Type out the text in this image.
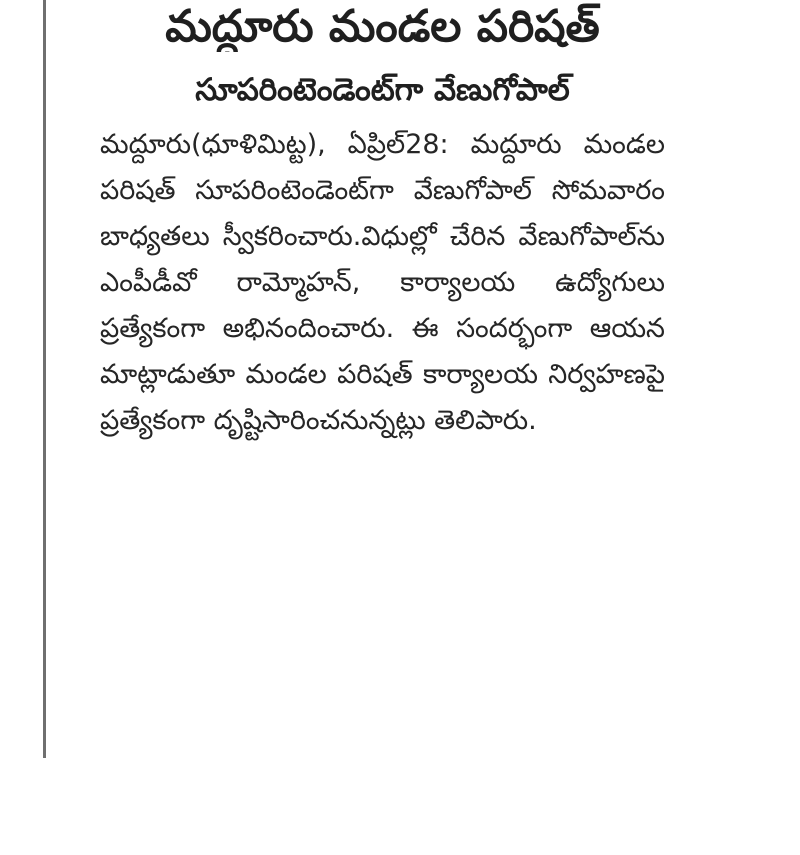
మద్దూరు మండల పరిషత్
సూపరింటెండెంట్‌గా వేణుగోపాల్

మద్దూరు(ధూళిమిట్ట), ఏప్రిల్28: మద్దూరు మండల పరిషత్ సూపరింటెండెంట్‌గా వేణుగోపాల్ సోమవారం బాధ్యతలు స్వీకరించారు.విధుల్లో చేరిన వేణుగోపాల్‌ను ఎంపీడీవో రామ్మోహన్, కార్యాలయ ఉద్యోగులు ప్రత్యేకంగా అభినందించారు. ఈ సందర్భంగా ఆయన మాట్లాడుతూ మండల పరిషత్ కార్యాలయ నిర్వహణపై ప్రత్యేకంగా దృష్టిసారించనున్నట్లు తెలిపారు.
